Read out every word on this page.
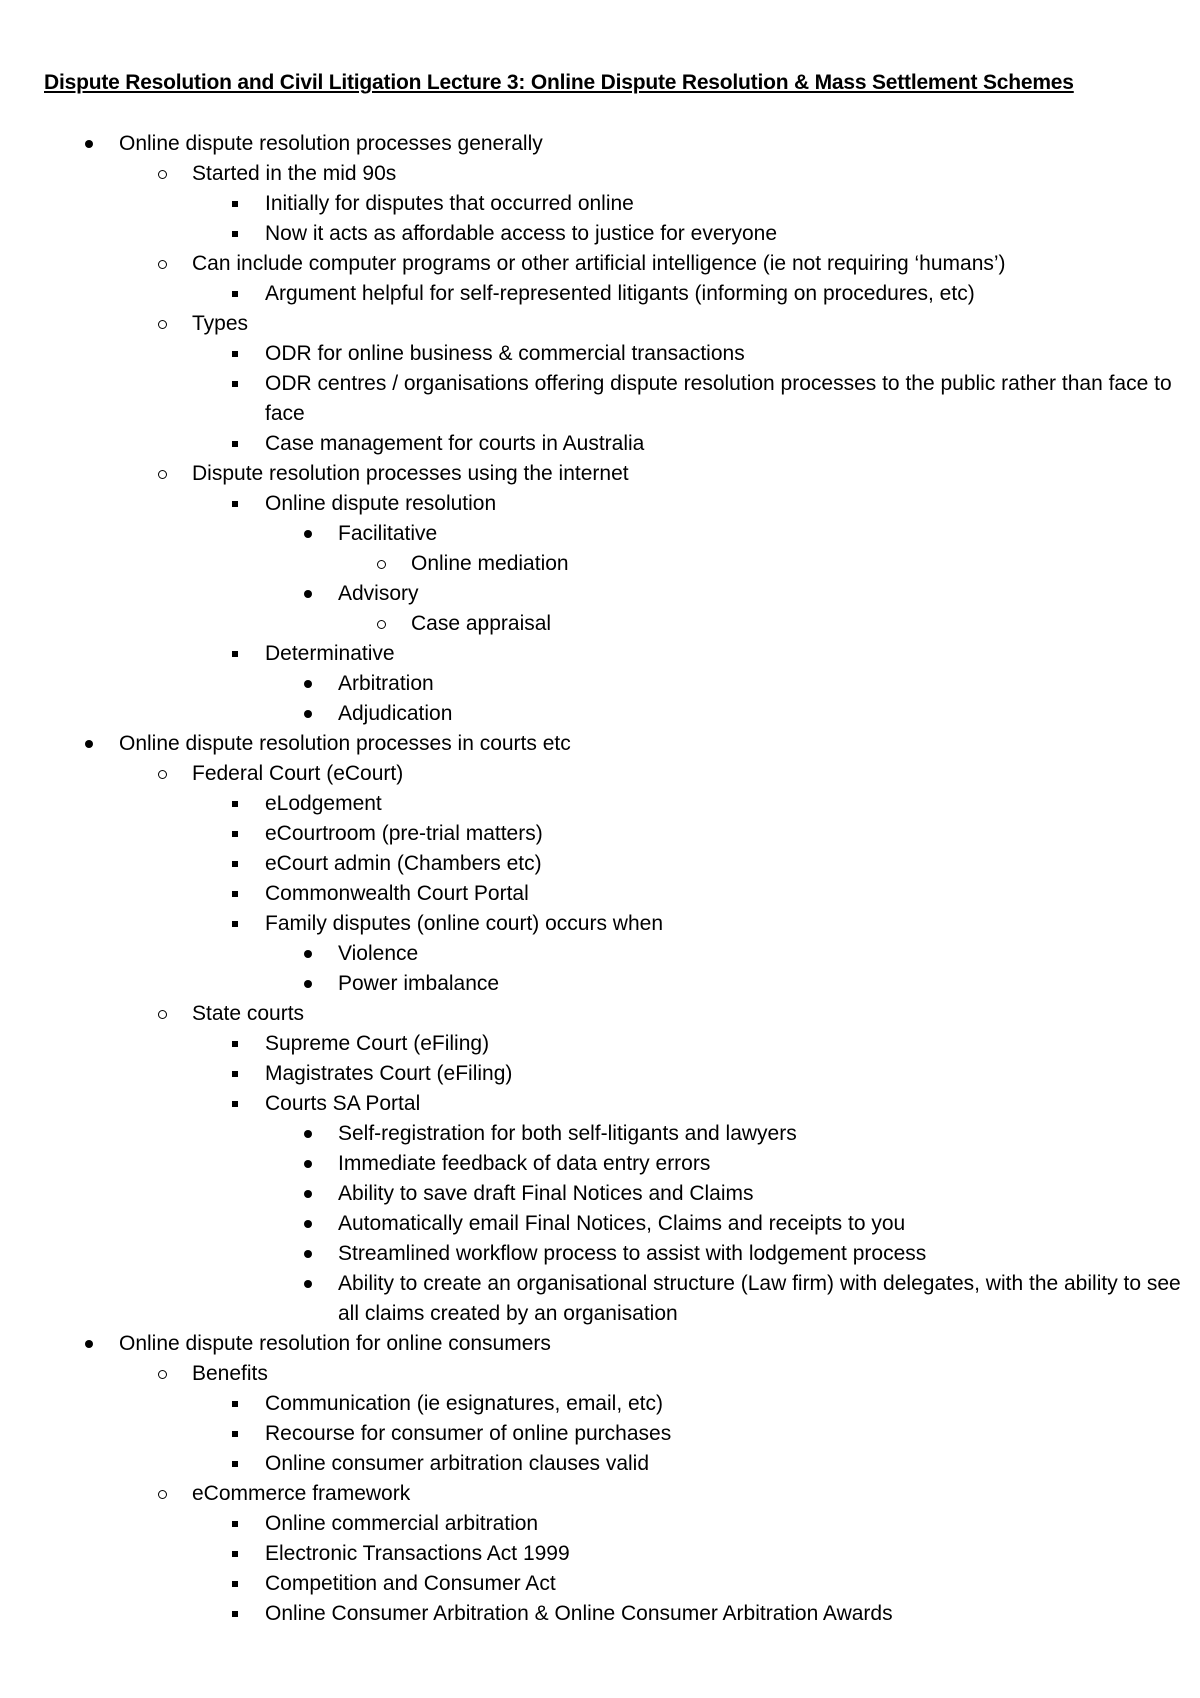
Dispute Resolution and Civil Litigation Lecture 3: Online Dispute Resolution & Mass Settlement Schemes
Online dispute resolution processes generally
Started in the mid 90s
Initially for disputes that occurred online
Now it acts as affordable access to justice for everyone
Can include computer programs or other artificial intelligence (ie not requiring ‘humans’)
Argument helpful for self-represented litigants (informing on procedures, etc)
Types
ODR for online business & commercial transactions
ODR centres / organisations offering dispute resolution processes to the public rather than face to face
Case management for courts in Australia
Dispute resolution processes using the internet
Online dispute resolution
Facilitative
Online mediation
Advisory
Case appraisal
Determinative
Arbitration
Adjudication
Online dispute resolution processes in courts etc
Federal Court (eCourt)
eLodgement
eCourtroom (pre-trial matters)
eCourt admin (Chambers etc)
Commonwealth Court Portal
Family disputes (online court) occurs when
Violence
Power imbalance
State courts
Supreme Court (eFiling)
Magistrates Court (eFiling)
Courts SA Portal
Self-registration for both self-litigants and lawyers
Immediate feedback of data entry errors
Ability to save draft Final Notices and Claims
Automatically email Final Notices, Claims and receipts to you
Streamlined workflow process to assist with lodgement process
Ability to create an organisational structure (Law firm) with delegates, with the ability to see all claims created by an organisation
Online dispute resolution for online consumers
Benefits
Communication (ie esignatures, email, etc)
Recourse for consumer of online purchases
Online consumer arbitration clauses valid
eCommerce framework
Online commercial arbitration
Electronic Transactions Act 1999
Competition and Consumer Act
Online Consumer Arbitration & Online Consumer Arbitration Awards
